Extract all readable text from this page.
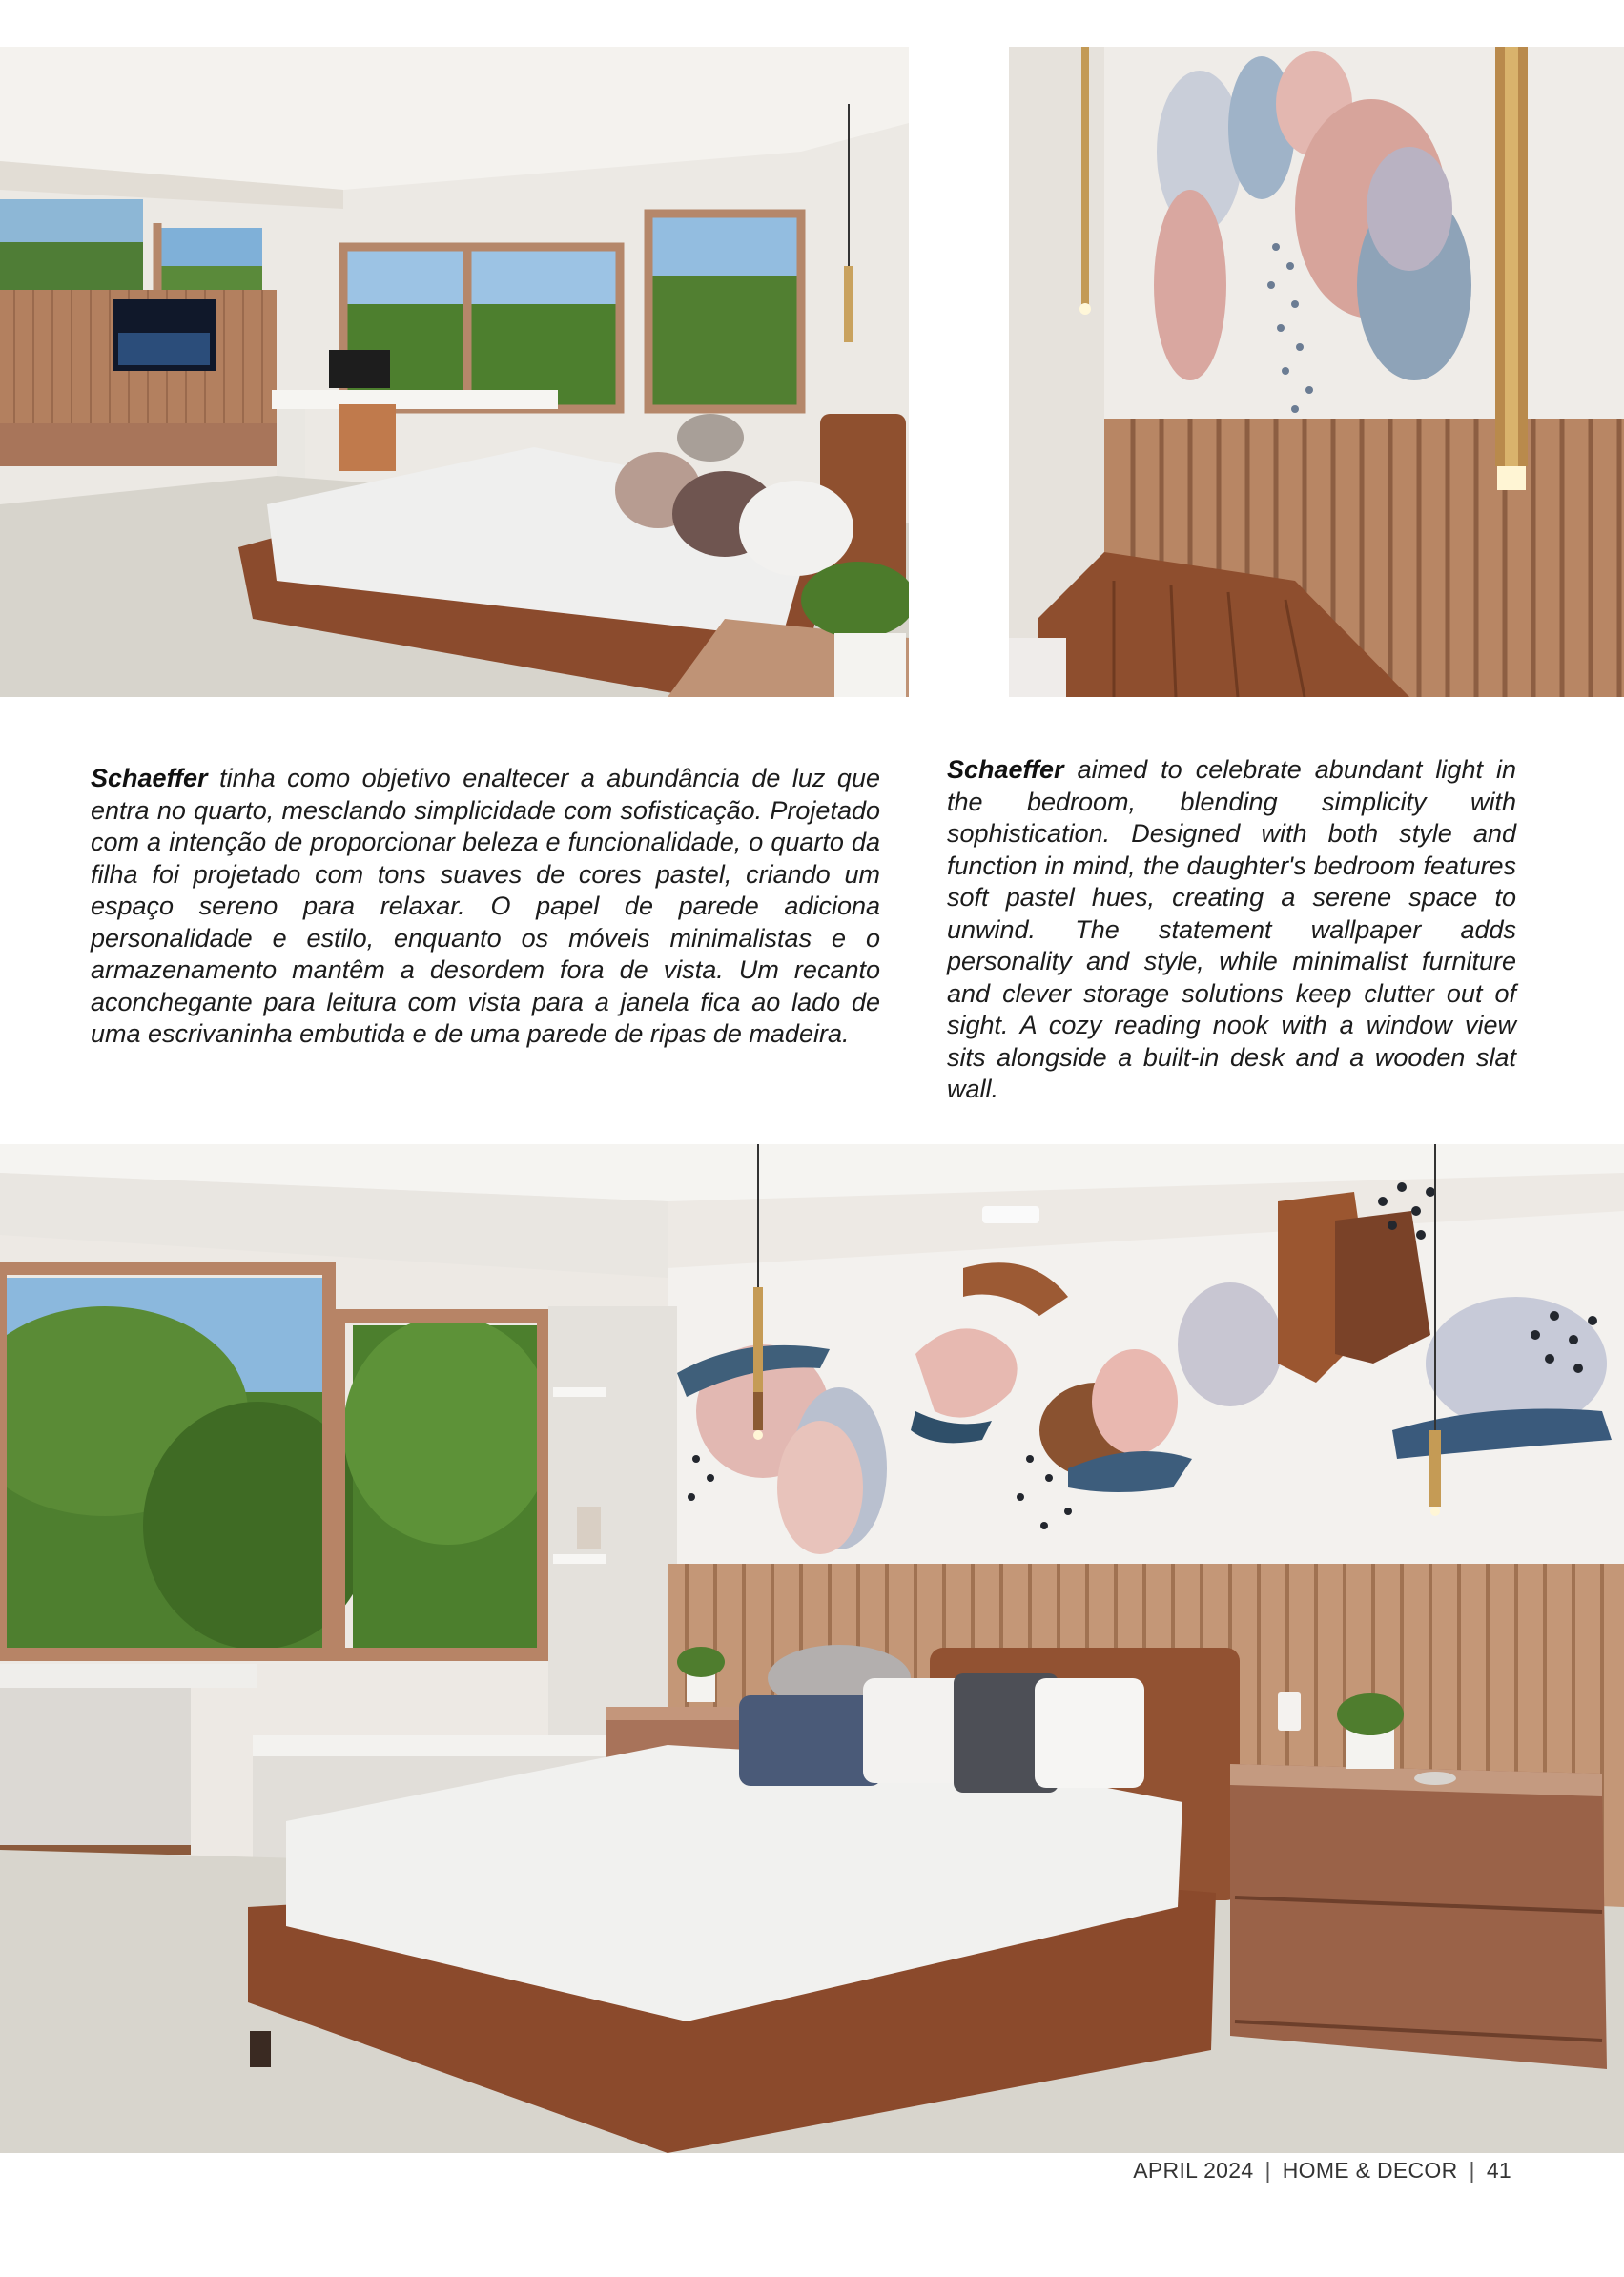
Schaeffer tinha como objetivo enaltecer a abundância de luz que entra no quarto, mesclando simplicidade com sofisticação. Projetado com a intenção de proporcionar beleza e funcionalidade, o quarto da filha foi projetado com tons suaves de cores pastel, criando um espaço sereno para relaxar. O papel de parede adiciona personalidade e estilo, enquanto os móveis minimalistas e o armazenamento mantêm a desordem fora de vista. Um recanto aconchegante para leitura com vista para a janela fica ao lado de uma escrivaninha embutida e de uma parede de ripas de madeira.

Schaeffer aimed to celebrate abundant light in the bedroom, blending simplicity with sophistication. Designed with both style and function in mind, the daughter's bedroom features soft pastel hues, creating a serene space to unwind. The statement wallpaper adds personality and style, while minimalist furniture and clever storage solutions keep clutter out of sight. A cozy reading nook with a window view sits alongside a built-in desk and a wooden slat wall.

APRIL 2024 | HOME & DECOR | 41
